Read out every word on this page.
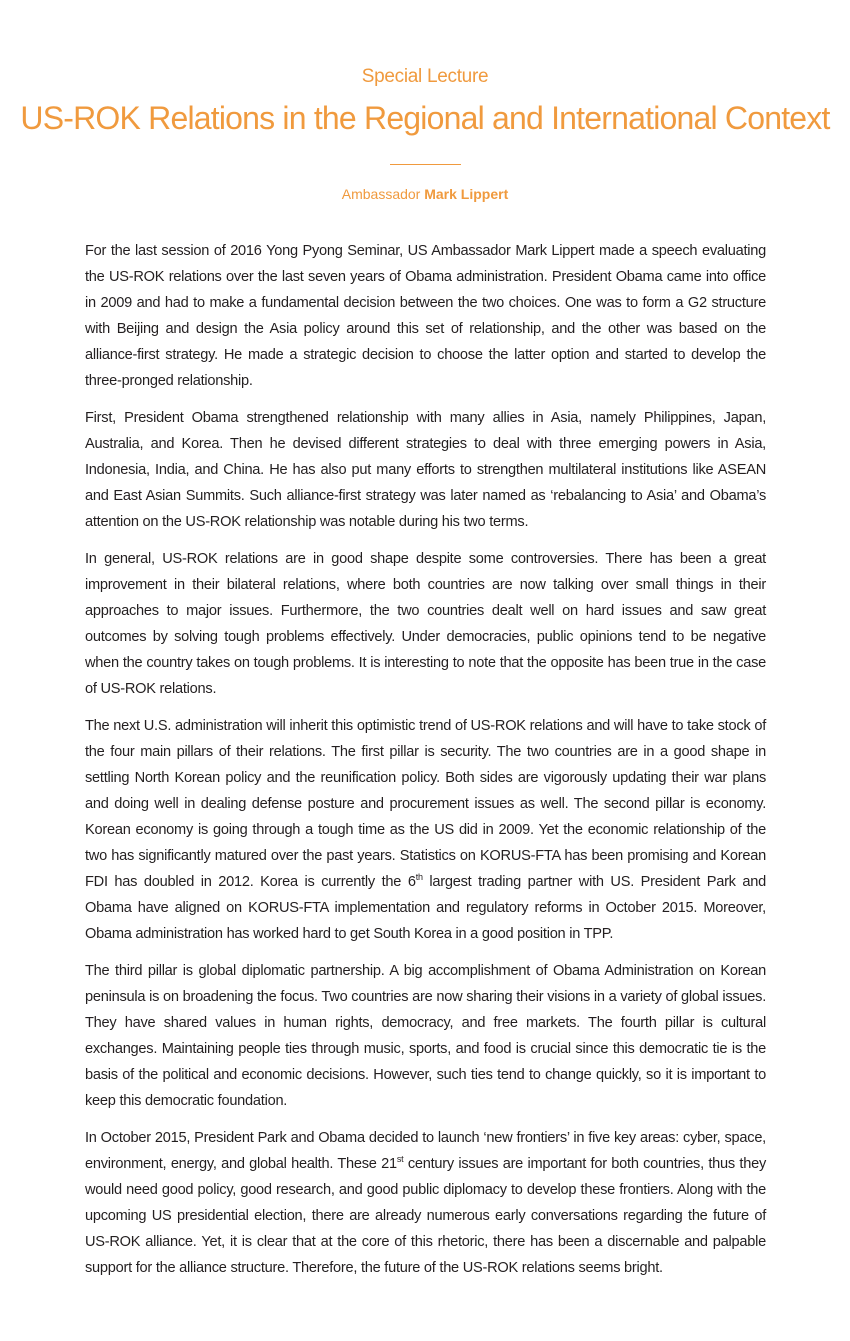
Special Lecture
US-ROK Relations in the Regional and International Context
Ambassador Mark Lippert

For the last session of 2016 Yong Pyong Seminar, US Ambassador Mark Lippert made a speech evaluating the US-ROK relations over the last seven years of Obama administration. President Obama came into office in 2009 and had to make a fundamental decision between the two choices. One was to form a G2 structure with Beijing and design the Asia policy around this set of relationship, and the other was based on the alliance-first strategy. He made a strategic decision to choose the latter option and started to develop the three-pronged relationship.

First, President Obama strengthened relationship with many allies in Asia, namely Philippines, Japan, Australia, and Korea. Then he devised different strategies to deal with three emerging powers in Asia, Indonesia, India, and China. He has also put many efforts to strengthen multilateral institutions like ASEAN and East Asian Summits. Such alliance-first strategy was later named as ‘rebalancing to Asia’ and Obama’s attention on the US-ROK relationship was notable during his two terms.

In general, US-ROK relations are in good shape despite some controversies. There has been a great improvement in their bilateral relations, where both countries are now talking over small things in their approaches to major issues. Furthermore, the two countries dealt well on hard issues and saw great outcomes by solving tough problems effectively. Under democracies, public opinions tend to be negative when the country takes on tough problems. It is interesting to note that the opposite has been true in the case of US-ROK relations.

The next U.S. administration will inherit this optimistic trend of US-ROK relations and will have to take stock of the four main pillars of their relations. The first pillar is security. The two countries are in a good shape in settling North Korean policy and the reunification policy. Both sides are vigorously updating their war plans and doing well in dealing defense posture and procurement issues as well. The second pillar is economy. Korean economy is going through a tough time as the US did in 2009. Yet the economic relationship of the two has significantly matured over the past years. Statistics on KORUS-FTA has been promising and Korean FDI has doubled in 2012. Korea is currently the 6th largest trading partner with US. President Park and Obama have aligned on KORUS-FTA implementation and regulatory reforms in October 2015. Moreover, Obama administration has worked hard to get South Korea in a good position in TPP.

The third pillar is global diplomatic partnership. A big accomplishment of Obama Administration on Korean peninsula is on broadening the focus. Two countries are now sharing their visions in a variety of global issues. They have shared values in human rights, democracy, and free markets. The fourth pillar is cultural exchanges. Maintaining people ties through music, sports, and food is crucial since this democratic tie is the basis of the political and economic decisions. However, such ties tend to change quickly, so it is important to keep this democratic foundation.

In October 2015, President Park and Obama decided to launch ‘new frontiers’ in five key areas: cyber, space, environment, energy, and global health. These 21st century issues are important for both countries, thus they would need good policy, good research, and good public diplomacy to develop these frontiers. Along with the upcoming US presidential election, there are already numerous early conversations regarding the future of US-ROK alliance. Yet, it is clear that at the core of this rhetoric, there has been a discernable and palpable support for the alliance structure. Therefore, the future of the US-ROK relations seems bright.
